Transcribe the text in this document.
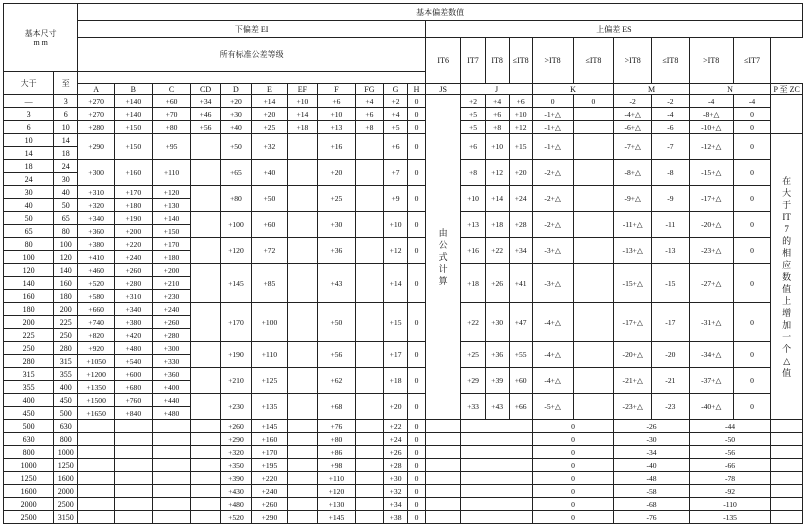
基本尺寸
m m		基本偏差数值																					
		下偏差 EI											上偏差 ES										
		所有标准公差等级											IT6	IT7	IT8	≤IT8	>IT8	≤IT8	>IT8	≤IT8	>IT8	≤IT7	
大于	至																						
		A	B	C	CD	D	E	EF	F	FG	G	H	JS	J			K		M		N		P 至 ZC
—	3	+270	+140	+60	+34	+20	+14	+10	+6	+4	+2	0	由公式计算	+2	+4	+6	0	0	-2	-2	-4	-4	
3	6	+270	+140	+70	+46	+30	+20	+14	+10	+6	+4	0		+5	+6	+10	-1+△		-4+△	-4	-8+△	0	
6	10	+280	+150	+80	+56	+40	+25	+18	+13	+8	+5	0		+5	+8	+12	-1+△		-6+△	-6	-10+△	0	
10	14	+290	+150	+95		+50	+32		+16		+6	0		+6	+10	+15	-1+△		-7+△	-7	-12+△	0	在大于IT7的相应数值上增加一个△值

14	18																						
18	24	+300	+160	+110		+65	+40		+20		+7	0		+8	+12	+20	-2+△		-8+△	-8	-15+△	0	
24	30																						
30	40	+310	+170	+120		+80	+50		+25		+9	0		+10	+14	+24	-2+△		-9+△	-9	-17+△	0	
40	50	+320	+180	+130																			
50	65	+340	+190	+140		+100	+60		+30		+10	0		+13	+18	+28	-2+△		-11+△	-11	-20+△	0	
65	80	+360	+200	+150																			
80	100	+380	+220	+170		+120	+72		+36		+12	0		+16	+22	+34	-3+△		-13+△	-13	-23+△	0	
100	120	+410	+240	+180																			
120	140	+460	+260	+200		+145	+85		+43		+14	0		+18	+26	+41	-3+△		-15+△	-15	-27+△	0	
140	160	+520	+280	+210																			
160	180	+580	+310	+230																			
180	200	+660	+340	+240		+170	+100		+50		+15	0		+22	+30	+47	-4+△		-17+△	-17	-31+△	0	
200	225	+740	+380	+260																			
225	250	+820	+420	+280																			
250	280	+920	+480	+300		+190	+110		+56		+17	0		+25	+36	+55	-4+△		-20+△	-20	-34+△	0	
280	315	+1050	+540	+330																			
315	355	+1200	+600	+360		+210	+125		+62		+18	0		+29	+39	+60	-4+△		-21+△	-21	-37+△	0	
355	400	+1350	+680	+400																			
400	450	+1500	+760	+440		+230	+135		+68		+20	0		+33	+43	+66	-5+△		-23+△	-23	-40+△	0	
450	500	+1650	+840	+480																			
500	630					+260	+145		+76		+22	0					0		-26		-44		
630	800					+290	+160		+80		+24	0					0		-30		-50		
800	1000					+320	+170		+86		+26	0					0		-34		-56		
1000	1250					+350	+195		+98		+28	0					0		-40		-66		
1250	1600					+390	+220		+110		+30	0					0		-48		-78		
1600	2000					+430	+240		+120		+32	0					0		-58		-92		
2000	2500					+480	+260		+130		+34	0					0		-68		-110		
2500	3150					+520	+290		+145		+38	0					0		-76		-135		
